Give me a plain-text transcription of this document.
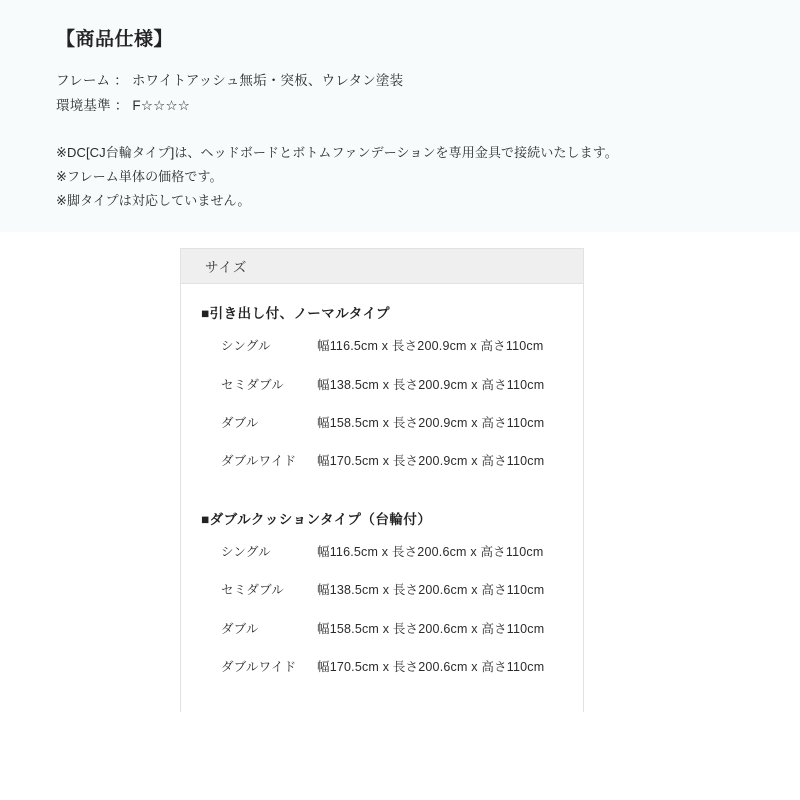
【商品仕様】
フレーム ： ホワイトアッシュ無垢・突板、ウレタン塗装
環境基準 ： F☆☆☆☆
※DC[CJ台輪タイプ]は、ヘッドボードとボトムファンデーションを専用金具で接続いたします。
※フレーム単体の価格です。
※脚タイプは対応していません。
サイズ
■引き出し付、ノーマルタイプ
シングル	幅116.5cm x 長さ200.9cm x 高さ110cm
セミダブル	幅138.5cm x 長さ200.9cm x 高さ110cm
ダブル	幅158.5cm x 長さ200.9cm x 高さ110cm
ダブルワイド	幅170.5cm x 長さ200.9cm x 高さ110cm
■ダブルクッションタイプ（台輪付）
シングル	幅116.5cm x 長さ200.6cm x 高さ110cm
セミダブル	幅138.5cm x 長さ200.6cm x 高さ110cm
ダブル	幅158.5cm x 長さ200.6cm x 高さ110cm
ダブルワイド	幅170.5cm x 長さ200.6cm x 高さ110cm
